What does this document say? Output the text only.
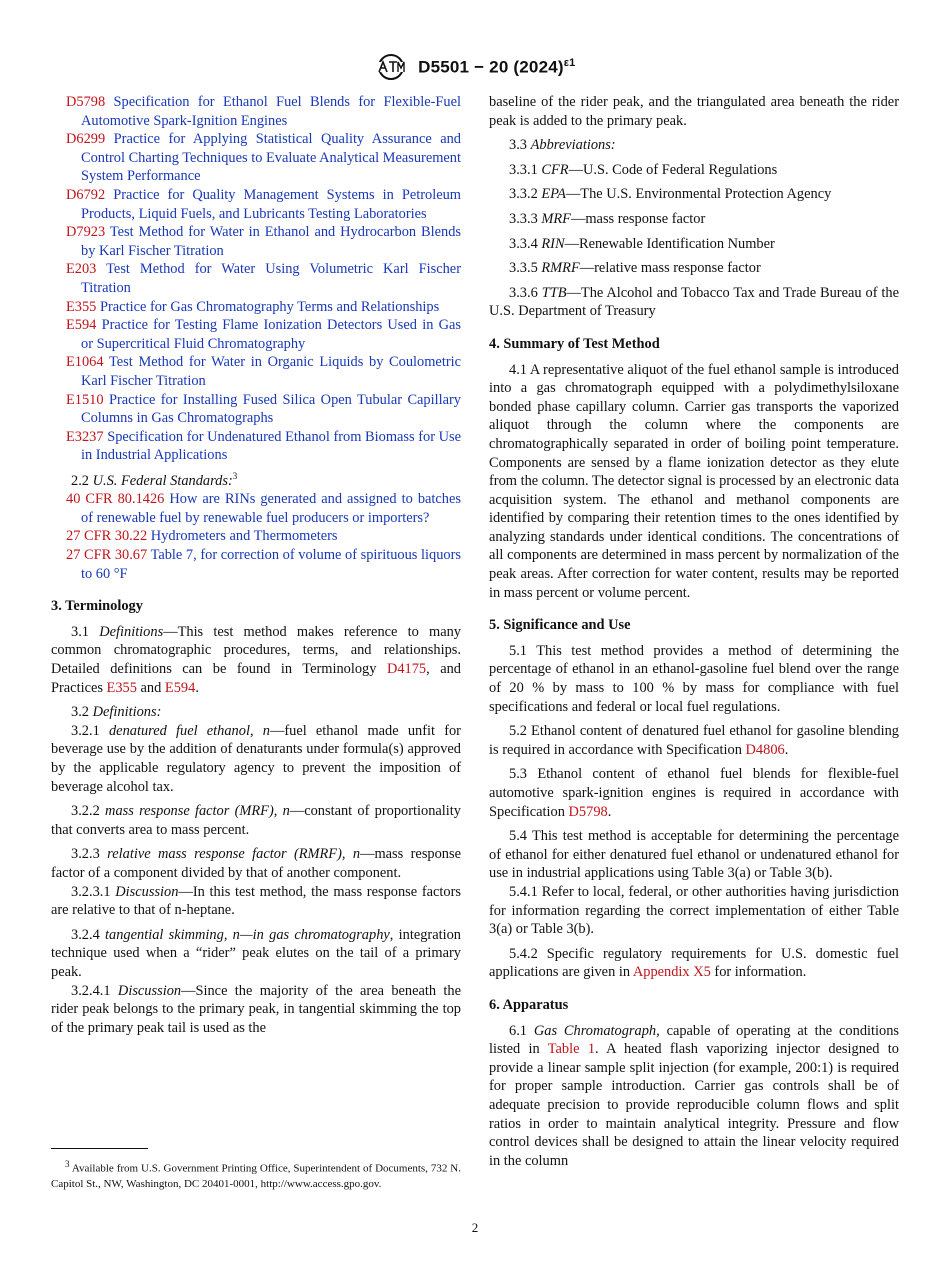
D5501 − 20 $(2024)^{\varepsilon 1}$

D5798 Specification for Ethanol Fuel Blends for Flexible-Fuel Automotive Spark-Ignition Engines

D6299 Practice for Applying Statistical Quality Assurance and Control Charting Techniques to Evaluate Analytical Measurement System Performance

D6792 Practice for Quality Management Systems in Petroleum Products, Liquid Fuels, and Lubricants Testing Laboratories

D7923 Test Method for Water in Ethanol and Hydrocarbon Blends by Karl Fischer Titration

E203 Test Method for Water Using Volumetric Karl Fischer Titration

E355 Practice for Gas Chromatography Terms and Relationships

E594 Practice for Testing Flame Ionization Detectors Used in Gas or Supercritical Fluid Chromatography

E1064 Test Method for Water in Organic Liquids by Coulometric Karl Fischer Titration

E1510 Practice for Installing Fused Silica Open Tubular Capillary Columns in Gas Chromatographs

E3237 Specification for Undenatured Ethanol from Biomass for Use in Industrial Applications

2.2 U.S. Federal Standards:$^3$

40 CFR 80.1426 How are RINs generated and assigned to batches of renewable fuel by renewable fuel producers or importers?

27 CFR 30.22 Hydrometers and Thermometers

27 CFR 30.67 Table 7, for correction of volume of spirituous liquors to 60 °F

3. Terminology

3.1 Definitions—This test method makes reference to many common chromatographic procedures, terms, and relationships. Detailed definitions can be found in Terminology D4175, and Practices E355 and E594.

3.2 Definitions:

3.2.1 denatured fuel ethanol, n—fuel ethanol made unfit for beverage use by the addition of denaturants under formula(s) approved by the applicable regulatory agency to prevent the imposition of beverage alcohol tax.

3.2.2 mass response factor (MRF), n—constant of proportionality that converts area to mass percent.

3.2.3 relative mass response factor (RMRF), n—mass response factor of a component divided by that of another component.

3.2.3.1 Discussion—In this test method, the mass response factors are relative to that of n-heptane.

3.2.4 tangential skimming, n—in gas chromatography, integration technique used when a “rider” peak elutes on the tail of a primary peak.

3.2.4.1 Discussion—Since the majority of the area beneath the rider peak belongs to the primary peak, in tangential skimming the top of the primary peak tail is used as the

$^3$ Available from U.S. Government Printing Office, Superintendent of Documents, 732 N. Capitol St., NW, Washington, DC 20401-0001, http://www.access.gpo.gov.

baseline of the rider peak, and the triangulated area beneath the rider peak is added to the primary peak.

3.3 Abbreviations:

3.3.1 CFR—U.S. Code of Federal Regulations

3.3.2 EPA—The U.S. Environmental Protection Agency

3.3.3 MRF—mass response factor

3.3.4 RIN—Renewable Identification Number

3.3.5 RMRF—relative mass response factor

3.3.6 TTB—The Alcohol and Tobacco Tax and Trade Bureau of the U.S. Department of Treasury

4. Summary of Test Method

4.1 A representative aliquot of the fuel ethanol sample is introduced into a gas chromatograph equipped with a polydimethylsiloxane bonded phase capillary column. Carrier gas transports the vaporized aliquot through the column where the components are chromatographically separated in order of boiling point temperature. Components are sensed by a flame ionization detector as they elute from the column. The detector signal is processed by an electronic data acquisition system. The ethanol and methanol components are identified by comparing their retention times to the ones identified by analyzing standards under identical conditions. The concentrations of all components are determined in mass percent by normalization of the peak areas. After correction for water content, results may be reported in mass percent or volume percent.

5. Significance and Use

5.1 This test method provides a method of determining the percentage of ethanol in an ethanol-gasoline fuel blend over the range of 20 % by mass to 100 % by mass for compliance with fuel specifications and federal or local fuel regulations.

5.2 Ethanol content of denatured fuel ethanol for gasoline blending is required in accordance with Specification D4806.

5.3 Ethanol content of ethanol fuel blends for flexible-fuel automotive spark-ignition engines is required in accordance with Specification D5798.

5.4 This test method is acceptable for determining the percentage of ethanol for either denatured fuel ethanol or undenatured ethanol for use in industrial applications using Table 3(a) or Table 3(b).

5.4.1 Refer to local, federal, or other authorities having jurisdiction for information regarding the correct implementation of either Table 3(a) or Table 3(b).

5.4.2 Specific regulatory requirements for U.S. domestic fuel applications are given in Appendix X5 for information.

6. Apparatus

6.1 Gas Chromatograph, capable of operating at the conditions listed in Table 1. A heated flash vaporizing injector designed to provide a linear sample split injection (for example, 200:1) is required for proper sample introduction. Carrier gas controls shall be of adequate precision to provide reproducible column flows and split ratios in order to maintain analytical integrity. Pressure and flow control devices shall be designed to attain the linear velocity required in the column

2
